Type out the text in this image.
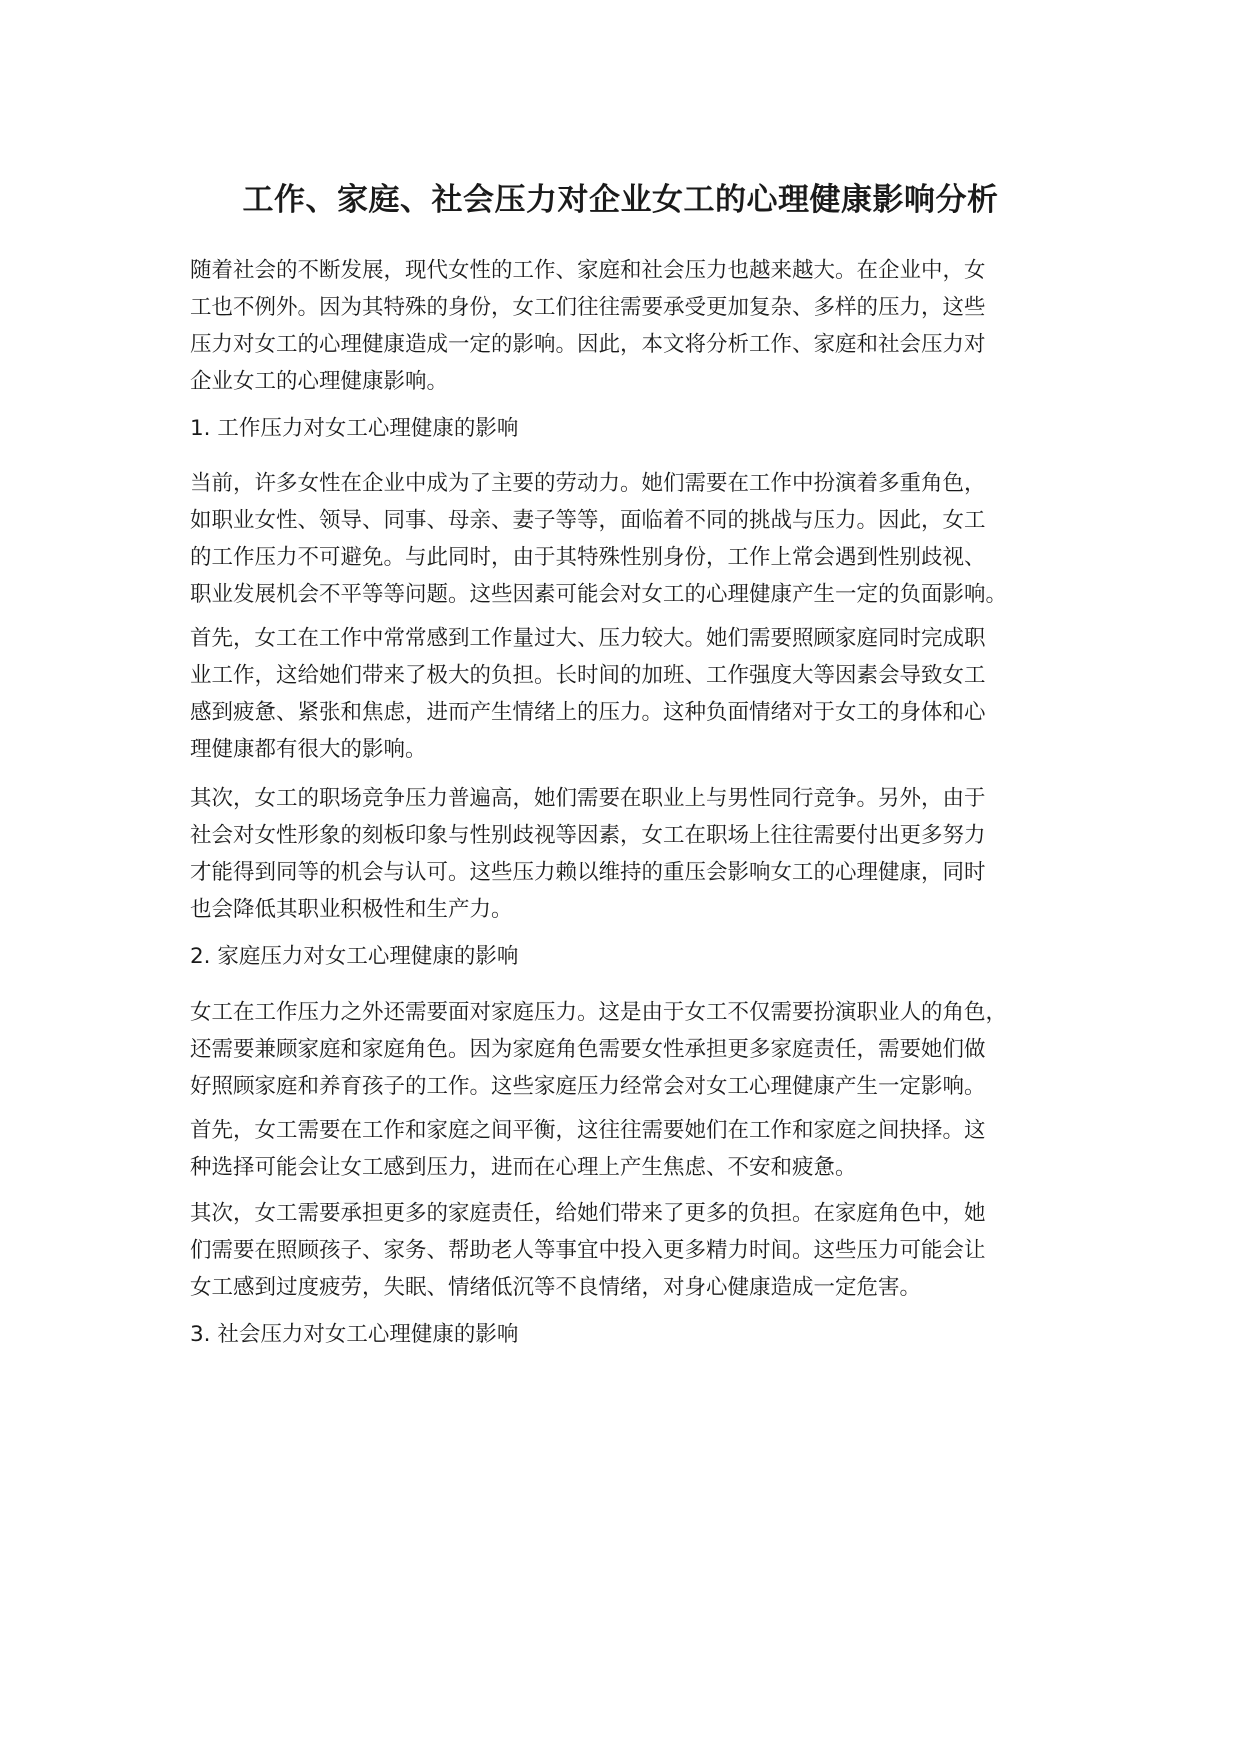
工作、家庭、社会压力对企业女工的心理健康影响分析
随着社会的不断发展，现代女性的工作、家庭和社会压力也越来越大。在企业中，女
工也不例外。因为其特殊的身份，女工们往往需要承受更加复杂、多样的压力，这些
压力对女工的心理健康造成一定的影响。因此，本文将分析工作、家庭和社会压力对
企业女工的心理健康影响。
1. 工作压力对女工心理健康的影响
当前，许多女性在企业中成为了主要的劳动力。她们需要在工作中扮演着多重角色，
如职业女性、领导、同事、母亲、妻子等等，面临着不同的挑战与压力。因此，女工
的工作压力不可避免。与此同时，由于其特殊性别身份，工作上常会遇到性别歧视、
职业发展机会不平等等问题。这些因素可能会对女工的心理健康产生一定的负面影响。
首先，女工在工作中常常感到工作量过大、压力较大。她们需要照顾家庭同时完成职
业工作，这给她们带来了极大的负担。长时间的加班、工作强度大等因素会导致女工
感到疲惫、紧张和焦虑，进而产生情绪上的压力。这种负面情绪对于女工的身体和心
理健康都有很大的影响。
其次，女工的职场竞争压力普遍高，她们需要在职业上与男性同行竞争。另外，由于
社会对女性形象的刻板印象与性别歧视等因素，女工在职场上往往需要付出更多努力
才能得到同等的机会与认可。这些压力赖以维持的重压会影响女工的心理健康，同时
也会降低其职业积极性和生产力。
2. 家庭压力对女工心理健康的影响
女工在工作压力之外还需要面对家庭压力。这是由于女工不仅需要扮演职业人的角色，
还需要兼顾家庭和家庭角色。因为家庭角色需要女性承担更多家庭责任，需要她们做
好照顾家庭和养育孩子的工作。这些家庭压力经常会对女工心理健康产生一定影响。
首先，女工需要在工作和家庭之间平衡，这往往需要她们在工作和家庭之间抉择。这
种选择可能会让女工感到压力，进而在心理上产生焦虑、不安和疲惫。
其次，女工需要承担更多的家庭责任，给她们带来了更多的负担。在家庭角色中，她
们需要在照顾孩子、家务、帮助老人等事宜中投入更多精力时间。这些压力可能会让
女工感到过度疲劳，失眠、情绪低沉等不良情绪，对身心健康造成一定危害。
3. 社会压力对女工心理健康的影响
